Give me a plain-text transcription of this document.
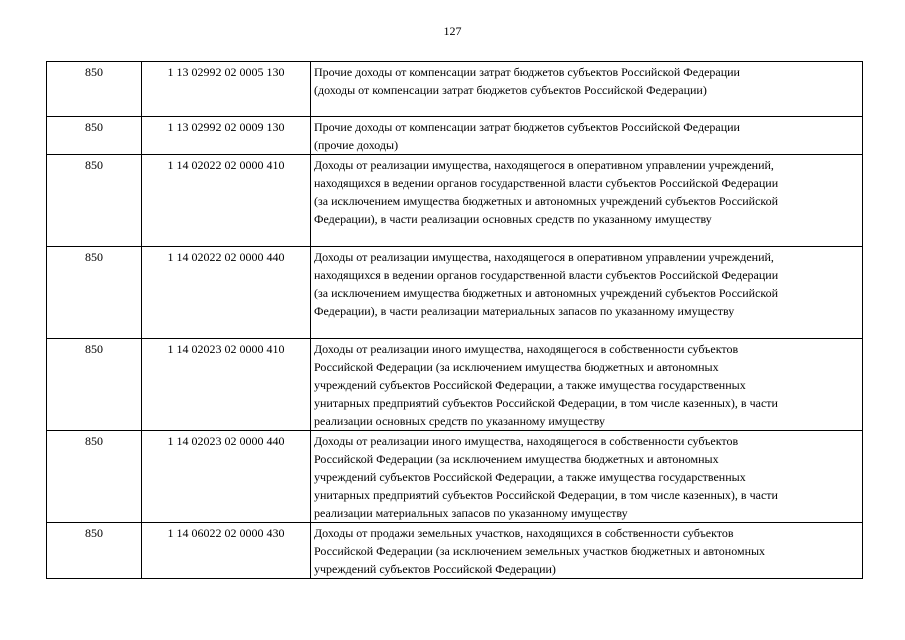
127
850	1 13 02992 02 0005 130	Прочие доходы от компенсации затрат бюджетов субъектов Российской Федерации
(доходы от компенсации затрат бюджетов субъектов Российской Федерации)

850	1 13 02992 02 0009 130	Прочие доходы от компенсации затрат бюджетов субъектов Российской Федерации
(прочие доходы)

850	1 14 02022 02 0000 410	Доходы от реализации имущества, находящегося в оперативном управлении учреждений,
находящихся в ведении органов государственной власти субъектов Российской Федерации
(за исключением имущества бюджетных и автономных учреждений субъектов Российской
Федерации), в части реализации основных средств по указанному имуществу

850	1 14 02022 02 0000 440	Доходы от реализации имущества, находящегося в оперативном управлении учреждений,
находящихся в ведении органов государственной власти субъектов Российской Федерации
(за исключением имущества бюджетных и автономных учреждений субъектов Российской
Федерации), в части реализации материальных запасов по указанному имуществу

850	1 14 02023 02 0000 410	Доходы от реализации иного имущества, находящегося в собственности субъектов
Российской Федерации (за исключением имущества бюджетных и автономных
учреждений субъектов Российской Федерации, а также имущества государственных
унитарных предприятий субъектов Российской Федерации, в том числе казенных), в части
реализации основных средств по указанному имуществу

850	1 14 02023 02 0000 440	Доходы от реализации иного имущества, находящегося в собственности субъектов
Российской Федерации (за исключением имущества бюджетных и автономных
учреждений субъектов Российской Федерации, а также имущества государственных
унитарных предприятий субъектов Российской Федерации, в том числе казенных), в части
реализации материальных запасов по указанному имуществу

850	1 14 06022 02 0000 430	Доходы от продажи земельных участков, находящихся в собственности субъектов
Российской Федерации (за исключением земельных участков бюджетных и автономных
учреждений субъектов Российской Федерации)
